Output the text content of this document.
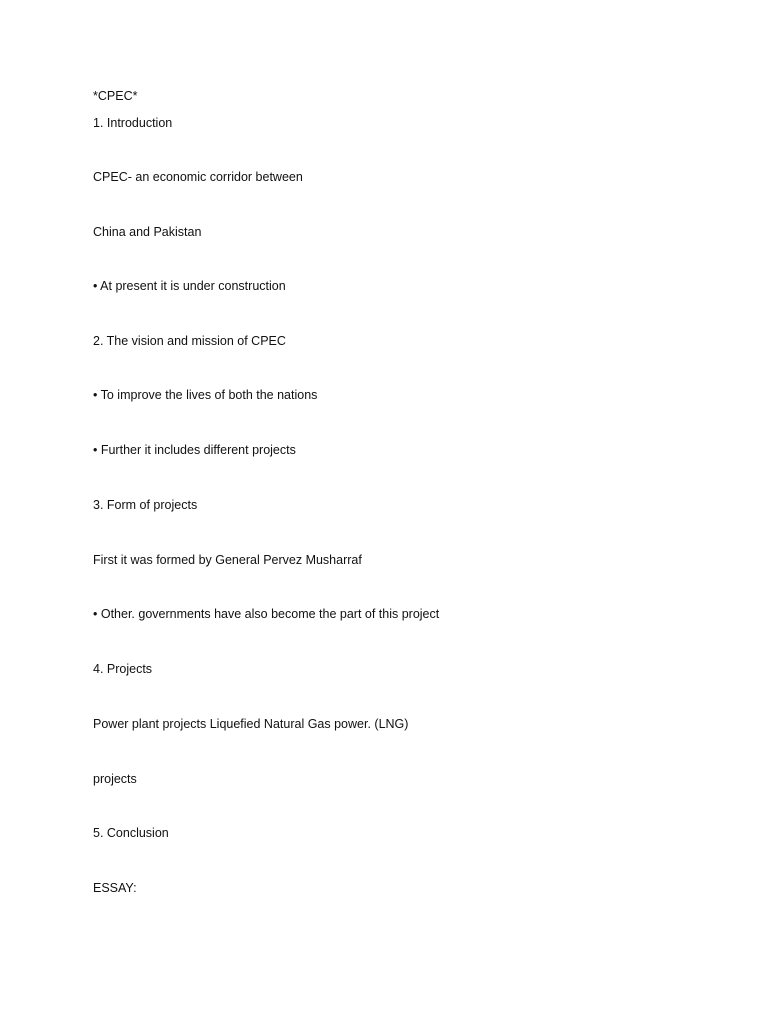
*CPEC*
1. Introduction
CPEC- an economic corridor between
China and Pakistan
• At present it is under construction
2. The vision and mission of CPEC
• To improve the lives of both the nations
• Further it includes different projects
3. Form of projects
First it was formed by General Pervez Musharraf
• Other. governments have also become the part of this project
4. Projects
Power plant projects Liquefied Natural Gas power. (LNG)
projects
5. Conclusion
ESSAY:
